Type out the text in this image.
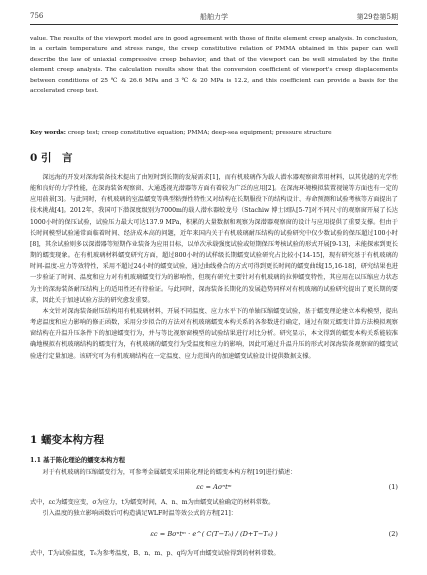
756	船舶力学	第29卷第5期

value. The results of the viewport model are in good agreement with those of finite element creep analysis. In conclusion, in a certain temperature and stress range, the creep constitutive relation of PMMA obtained in this paper can well describe the law of uniaxial compressive creep behavior, and that of the viewport can be well simulated by the finite element creep analysis. The calculation results show that the conversion coefficient of viewport's creep displacements between conditions of 25 ℃ & 26.6 MPa and 3 ℃ & 20 MPa is 12.2, and this coefficient can provide a basis for the accelerated creep test.

Key words: creep test; creep constitutive equation; PMMA; deep-sea equipment; pressure structure

0 引　言

深远海的开发对深海装备技术提出了由短时到长期的发展需求[1]，而有机玻璃作为载人潜水器观察窗常用材料，以其优越的光学性能和良好的力学性能，在深海装备观察窗、大通透视光潜器等方面有着较为广泛的应用[2]。在深海环境模拟装置视镜等方面也有一定的应用前景[3]。与此同时，有机玻璃的室温蠕变等典型粘弹性特性又对结构在长期服役下的结构设计、寿命预测和试验考核等方面提出了技术挑战[4]。2012年，我国可下潜深度级别为7000m的载人潜水器蛟龙号（Stachiw 博士团队[5-7]对不同尺寸的观察窗开展了长达1000小时的保压试验，试验压力最大可达137.9 MPa，积累的大量数据和观察为深潜器观察窗的设计与应用提供了重要支撑。但由于长时间模型试验通常面临着时间、经济成本高的问题，近年来国内关于有机玻璃耐压结构的试验研究中仅少数试验的保压超过100小时[8]，其余试验则多以深潜器等短期作业装备为应用目标，以单次承载强度试验或短期保压考核试验的形式开展[9-13]，未能探索到更长期的蠕变现象。在有机玻璃材料蠕变研究方面，超过800小时的试样级长期蠕变试验研究占比较小[14-15]，现有研究基于有机玻璃的时间-温度-应力等效特性，采用不超过24小时的蠕变试验，通过曲线叠合的方式可得到更长时间的蠕变曲线[15,16-18]，研究结果也进一步验证了时间、温度和应力对有机玻璃蠕变行为的影响性，但现有研究主要针对有机玻璃的拉伸蠕变特性，其应用在以压缩应力状态为主的深海装备耐压结构上的适用性还有待验证。与此同时，深海装备长期化的发展趋势同样对有机玻璃的试验研究提出了更长期的要求，因此关于加速试验方法的研究愈发重要。

本文针对深海装备耐压结构用有机玻璃材料，开展不同温度、应力水平下的单轴压缩蠕变试验，基于蠕变理论建立本构模型，提出考虑温度和应力影响的修正函数，采用分步拟合的方法对有机玻璃蠕变本构关系的各参数进行确定，通过有限元蠕变计算方法模拟观察窗结构在升温升压条件下的加速蠕变行为，并与等比视察窗模型的试验结果进行对比分析。研究显示，本文得到的蠕变本构关系能较准确地模拟有机玻璃结构的蠕变行为，有机玻璃的蠕变行为受温度和应力的影响，因此可通过升温升压的形式对深海装备观察窗的蠕变试验进行定量加速。该研究可为有机玻璃结构在一定温度、应力范围内的加速蠕变试验设计提供数据支撑。

1 蠕变本构方程
1.1 基于陈化理论的蠕变本构方程

对于有机玻璃的压缩蠕变行为，可参考金属蠕变采用陈化理论的蠕变本构方程[19]进行描述：

εc = Aσⁿtᵐ	(1)

式中，εc为蠕变应变，σ为应力，t为蠕变时间，A、n、m为由蠕变试验确定的材料常数。

引入温度的独立影响函数后可构造满足WLF时温等效公式的方程[21]：

εc = Bσⁿtᵐ · e^( C(T−T₀) / (D+T−T₀) )	(2)

式中，T为试验温度，T₀为参考温度，B、n、m、p、q均为可由蠕变试验得到的材料常数。
